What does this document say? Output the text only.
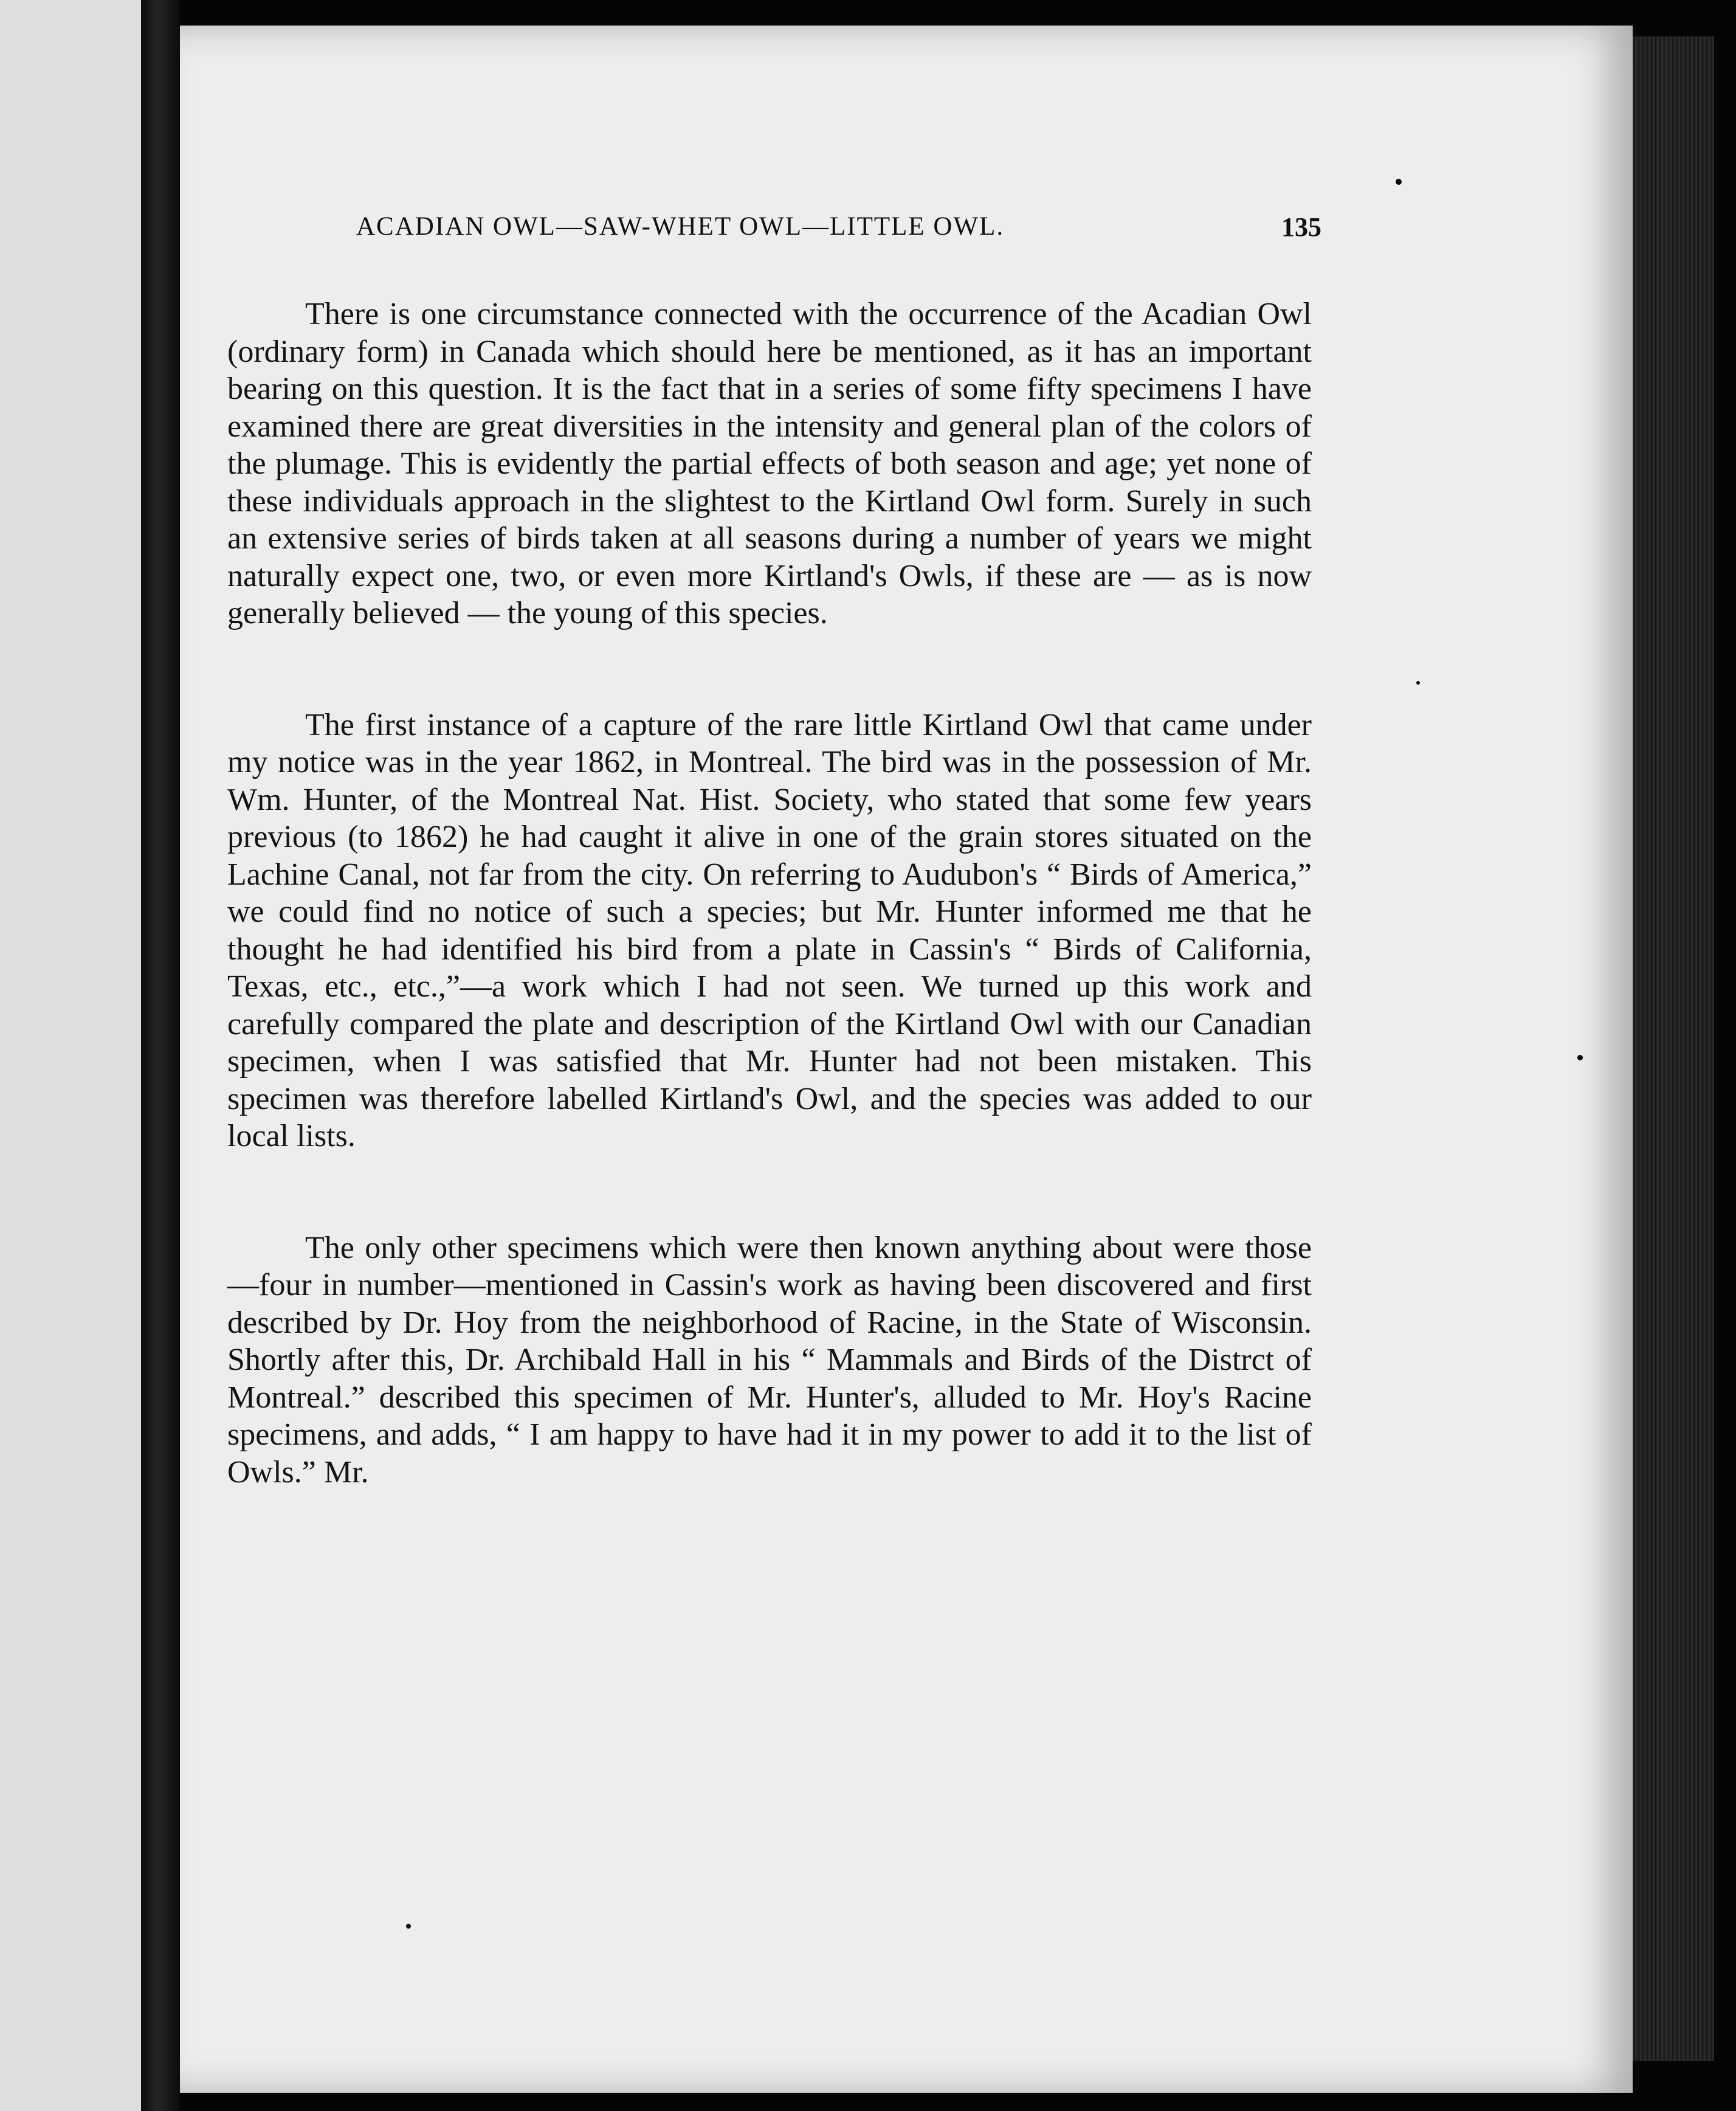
ACADIAN OWL—SAW-WHET OWL—LITTLE OWL.	135

There is one circumstance connected with the occurrence of the Acadian Owl (ordinary form) in Canada which should here be mentioned, as it has an important bearing on this question. It is the fact that in a series of some fifty specimens I have examined there are great diversities in the intensity and general plan of the colors of the plumage. This is evidently the partial effects of both season and age; yet none of these individuals approach in the slightest to the Kirtland Owl form. Surely in such an extensive series of birds taken at all seasons during a number of years we might naturally expect one, two, or even more Kirtland's Owls, if these are — as is now generally believed — the young of this species.

The first instance of a capture of the rare little Kirtland Owl that came under my notice was in the year 1862, in Montreal. The bird was in the possession of Mr. Wm. Hunter, of the Montreal Nat. Hist. Society, who stated that some few years previous (to 1862) he had caught it alive in one of the grain stores situated on the Lachine Canal, not far from the city. On referring to Audubon's “ Birds of America,” we could find no notice of such a species; but Mr. Hunter informed me that he thought he had identified his bird from a plate in Cassin's “ Birds of California, Texas, etc., etc.,”—a work which I had not seen. We turned up this work and carefully compared the plate and description of the Kirtland Owl with our Canadian specimen, when I was satisfied that Mr. Hunter had not been mistaken. This specimen was therefore labelled Kirtland's Owl, and the species was added to our local lists.

The only other specimens which were then known anything about were those—four in number—mentioned in Cassin's work as having been discovered and first described by Dr. Hoy from the neighborhood of Racine, in the State of Wisconsin. Shortly after this, Dr. Archibald Hall in his “ Mammals and Birds of the Distrct of Montreal.” described this specimen of Mr. Hunter's, alluded to Mr. Hoy's Racine specimens, and adds, “ I am happy to have had it in my power to add it to the list of Owls.” Mr.
